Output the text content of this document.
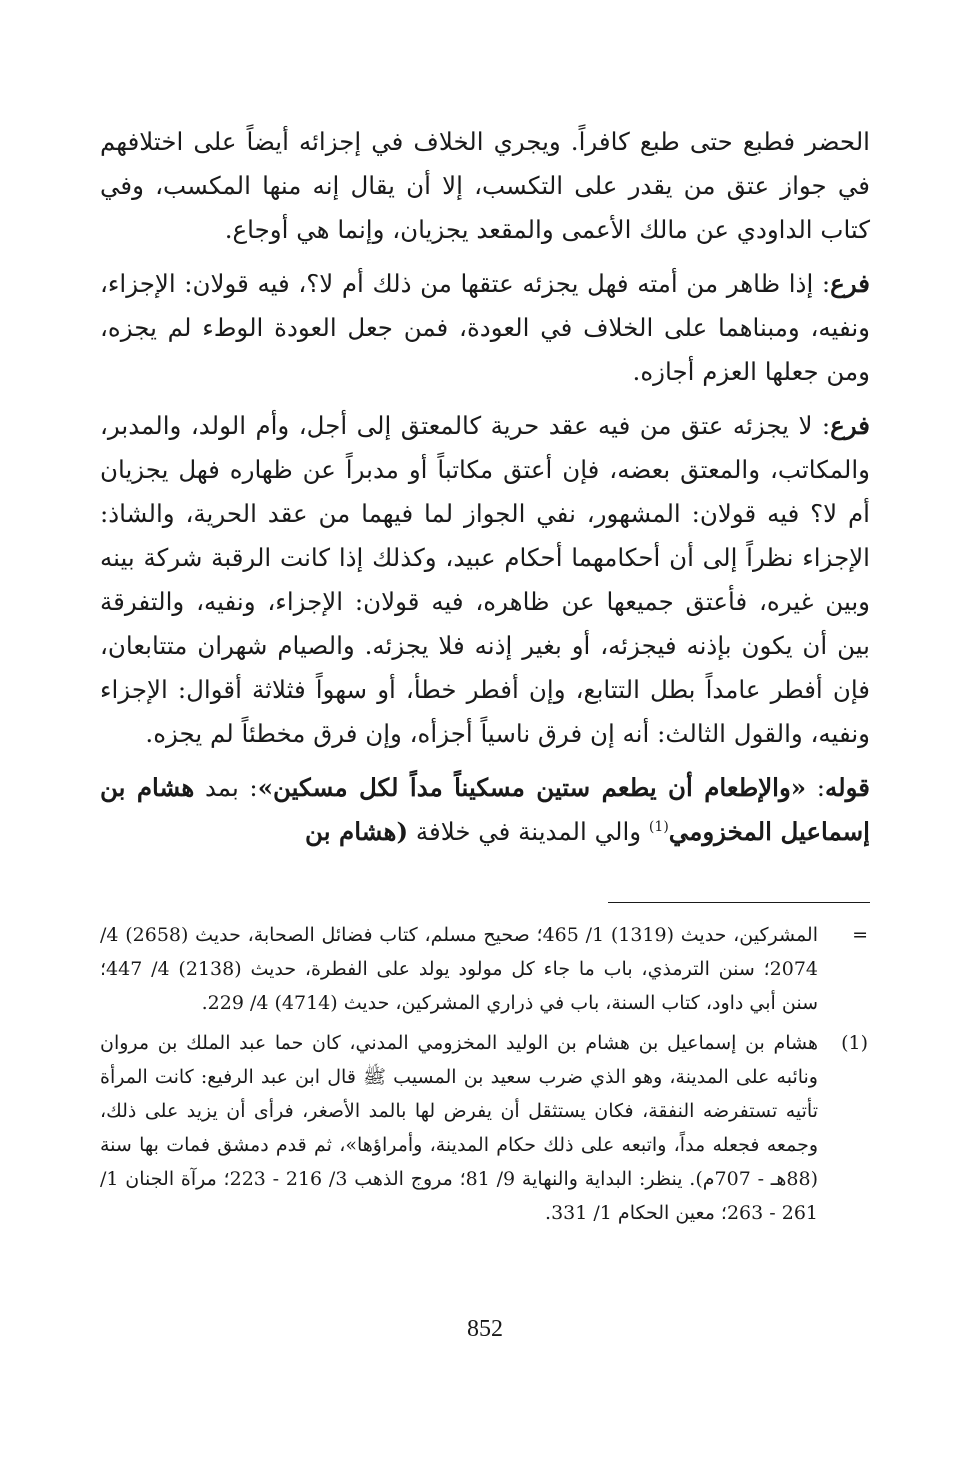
الحضر فطبع حتى طبع كافراً. ويجري الخلاف في إجزائه أيضاً على اختلافهم في جواز عتق من يقدر على التكسب، إلا أن يقال إنه منها المكسب، وفي كتاب الداودي عن مالك الأعمى والمقعد يجزيان، وإنما هي أوجاع.

فرع: إذا ظاهر من أمته فهل يجزئه عتقها من ذلك أم لا؟، فيه قولان: الإجزاء، ونفيه، ومبناهما على الخلاف في العودة، فمن جعل العودة الوطء لم يجزه، ومن جعلها العزم أجازه.

فرع: لا يجزئه عتق من فيه عقد حرية كالمعتق إلى أجل، وأم الولد، والمدبر، والمكاتب، والمعتق بعضه، فإن أعتق مكاتباً أو مدبراً عن ظهاره فهل يجزيان أم لا؟ فيه قولان: المشهور، نفي الجواز لما فيهما من عقد الحرية، والشاذ: الإجزاء نظراً إلى أن أحكامهما أحكام عبيد، وكذلك إذا كانت الرقبة شركة بينه وبين غيره، فأعتق جميعها عن ظاهره، فيه قولان: الإجزاء، ونفيه، والتفرقة بين أن يكون بإذنه فيجزئه، أو بغير إذنه فلا يجزئه. والصيام شهران متتابعان، فإن أفطر عامداً بطل التتابع، وإن أفطر خطأ، أو سهواً فثلاثة أقوال: الإجزاء ونفيه، والقول الثالث: أنه إن فرق ناسياً أجزأه، وإن فرق مخطئاً لم يجزه.

قوله: «والإطعام أن يطعم ستين مسكيناً مداً لكل مسكين»: بمد هشام بن إسماعيل المخزومي$^{(1)}$ والي المدينة في خلافة (هشام بن

=
المشركين، حديث (1319) 1/ 465؛ صحيح مسلم، كتاب فضائل الصحابة، حديث (2658) 4/ 2074؛ سنن الترمذي، باب ما جاء كل مولود يولد على الفطرة، حديث (2138) 4/ 447؛ سنن أبي داود، كتاب السنة، باب في ذراري المشركين، حديث (4714) 4/ 229.
(1)
هشام بن إسماعيل بن هشام بن الوليد المخزومي المدني، كان حما عبد الملك بن مروان ونائبه على المدينة، وهو الذي ضرب سعيد بن المسيب ﷺ قال ابن عبد الرفيع: كانت المرأة تأتيه تستفرضه النفقة، فكان يستثقل أن يفرض لها بالمد الأصغر، فرأى أن يزيد على ذلك، وجمعه فجعله مداً، واتبعه على ذلك حكام المدينة، وأمراؤها»، ثم قدم دمشق فمات بها سنة (88هـ - 707م). ينظر: البداية والنهاية 9/ 81؛ مروج الذهب 3/ 216 - 223؛ مرآة الجنان 1/ 261 - 263؛ معين الحكام 1/ 331.
852
